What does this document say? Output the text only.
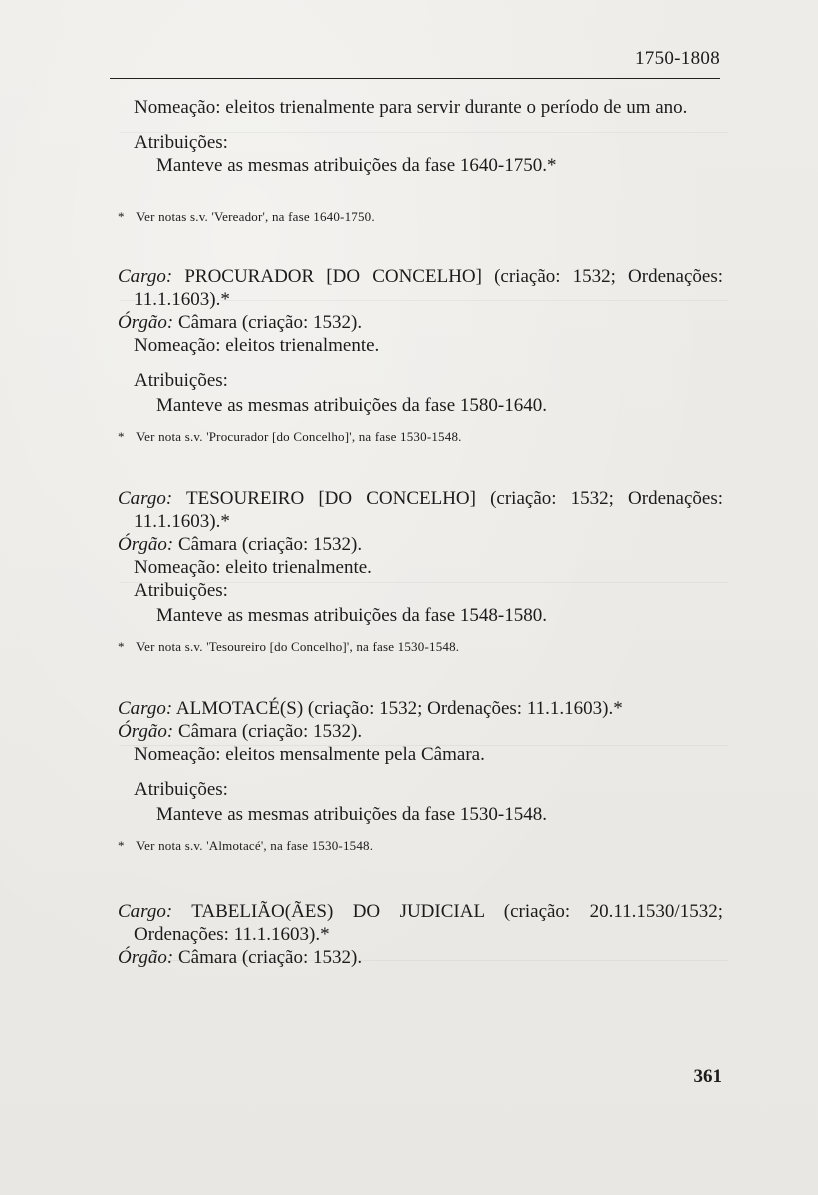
1750-1808

Nomeação: eleitos trienalmente para servir durante o período de um ano.

Atribuições:

Manteve as mesmas atribuições da fase 1640-1750.*

* Ver notas s.v. 'Vereador', na fase 1640-1750.

Cargo: PROCURADOR [DO CONCELHO] (criação: 1532; Ordenações: 11.1.1603).*

Órgão: Câmara (criação: 1532).

Nomeação: eleitos trienalmente.

Atribuições:

Manteve as mesmas atribuições da fase 1580-1640.

* Ver nota s.v. 'Procurador [do Concelho]', na fase 1530-1548.

Cargo: TESOUREIRO [DO CONCELHO] (criação: 1532; Ordenações: 11.1.1603).*

Órgão: Câmara (criação: 1532).

Nomeação: eleito trienalmente.

Atribuições:

Manteve as mesmas atribuições da fase 1548-1580.

* Ver nota s.v. 'Tesoureiro [do Concelho]', na fase 1530-1548.

Cargo: ALMOTACÉ(S) (criação: 1532; Ordenações: 11.1.1603).*

Órgão: Câmara (criação: 1532).

Nomeação: eleitos mensalmente pela Câmara.

Atribuições:

Manteve as mesmas atribuições da fase 1530-1548.

* Ver nota s.v. 'Almotacé', na fase 1530-1548.

Cargo: TABELIÃO(ÃES) DO JUDICIAL (criação: 20.11.1530/1532; Ordenações: 11.1.1603).*

Órgão: Câmara (criação: 1532).

361
